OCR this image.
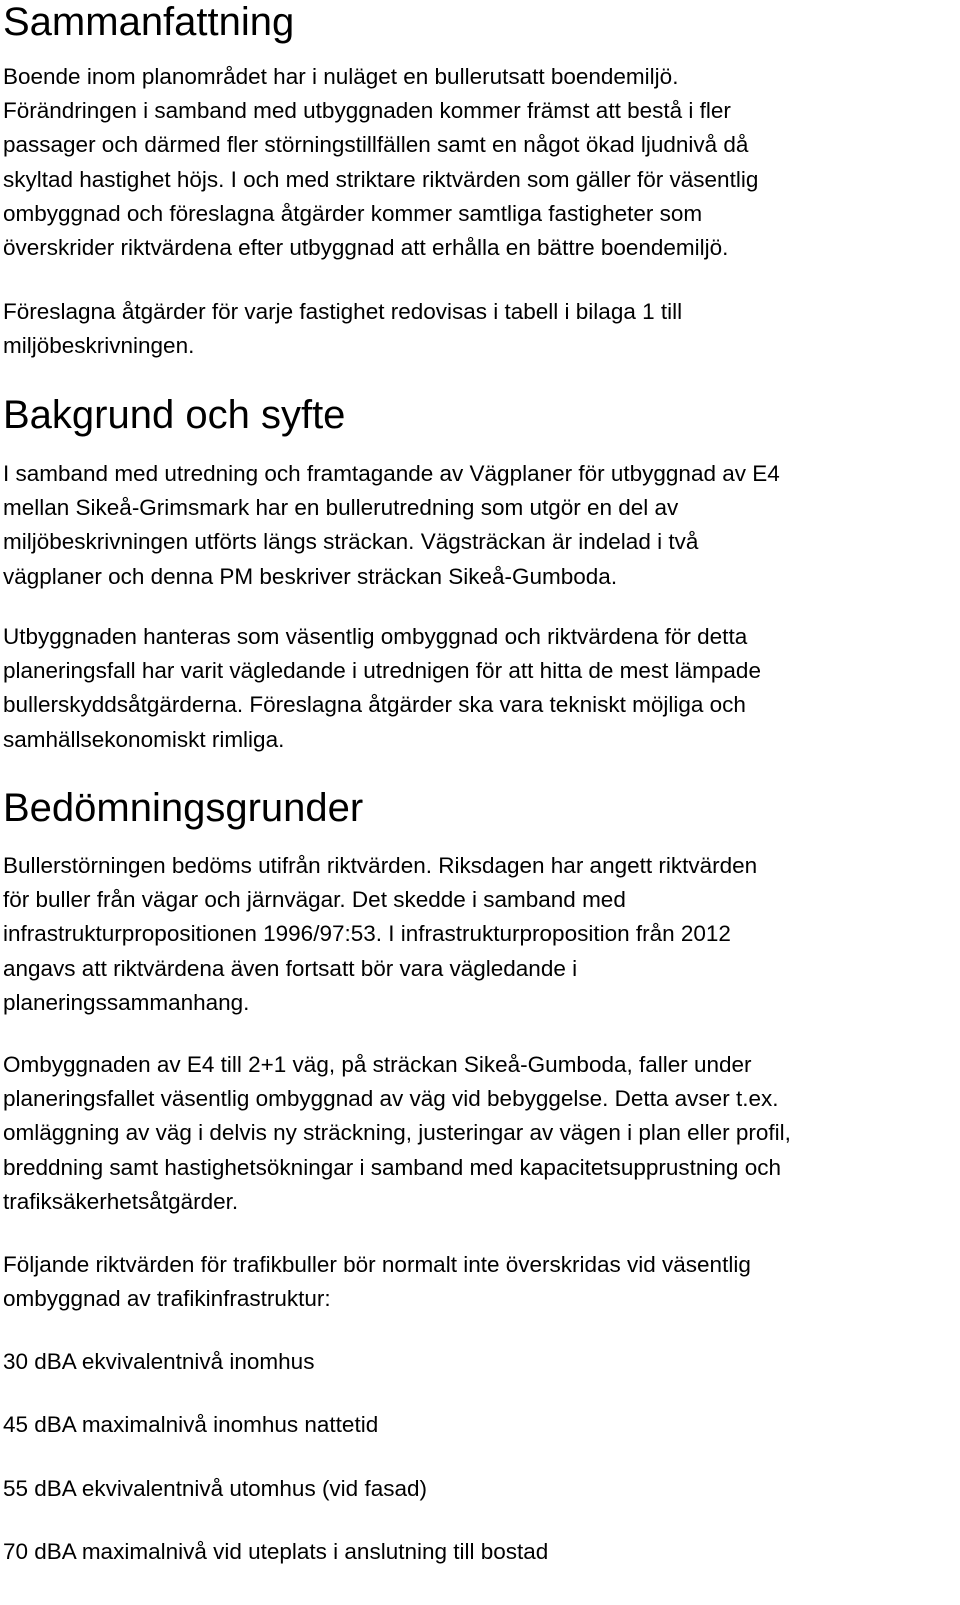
Sammanfattning

Boende inom planområdet har i nuläget en bullerutsatt boendemiljö.
Förändringen i samband med utbyggnaden kommer främst att bestå i fler
passager och därmed fler störningstillfällen samt en något ökad ljudnivå då
skyltad hastighet höjs. I och med striktare riktvärden som gäller för väsentlig
ombyggnad och föreslagna åtgärder kommer samtliga fastigheter som
överskrider riktvärdena efter utbyggnad att erhålla en bättre boendemiljö.

Föreslagna åtgärder för varje fastighet redovisas i tabell i bilaga 1 till
miljöbeskrivningen.

Bakgrund och syfte

I samband med utredning och framtagande av Vägplaner för utbyggnad av E4
mellan Sikeå-Grimsmark har en bullerutredning som utgör en del av
miljöbeskrivningen utförts längs sträckan. Vägsträckan är indelad i två
vägplaner och denna PM beskriver sträckan Sikeå-Gumboda.

Utbyggnaden hanteras som väsentlig ombyggnad och riktvärdena för detta
planeringsfall har varit vägledande i utrednigen för att hitta de mest lämpade
bullerskyddsåtgärderna. Föreslagna åtgärder ska vara tekniskt möjliga och
samhällsekonomiskt rimliga.

Bedömningsgrunder

Bullerstörningen bedöms utifrån riktvärden. Riksdagen har angett riktvärden
för buller från vägar och järnvägar. Det skedde i samband med
infrastrukturpropositionen 1996/97:53. I infrastrukturproposition från 2012
angavs att riktvärdena även fortsatt bör vara vägledande i
planeringssammanhang.

Ombyggnaden av E4 till 2+1 väg, på sträckan Sikeå-Gumboda, faller under
planeringsfallet väsentlig ombyggnad av väg vid bebyggelse. Detta avser t.ex.
omläggning av väg i delvis ny sträckning, justeringar av vägen i plan eller profil,
breddning samt hastighetsökningar i samband med kapacitetsupprustning och
trafiksäkerhetsåtgärder.

Följande riktvärden för trafikbuller bör normalt inte överskridas vid väsentlig
ombyggnad av trafikinfrastruktur:

30 dBA ekvivalentnivå inomhus

45 dBA maximalnivå inomhus nattetid

55 dBA ekvivalentnivå utomhus (vid fasad)

70 dBA maximalnivå vid uteplats i anslutning till bostad
